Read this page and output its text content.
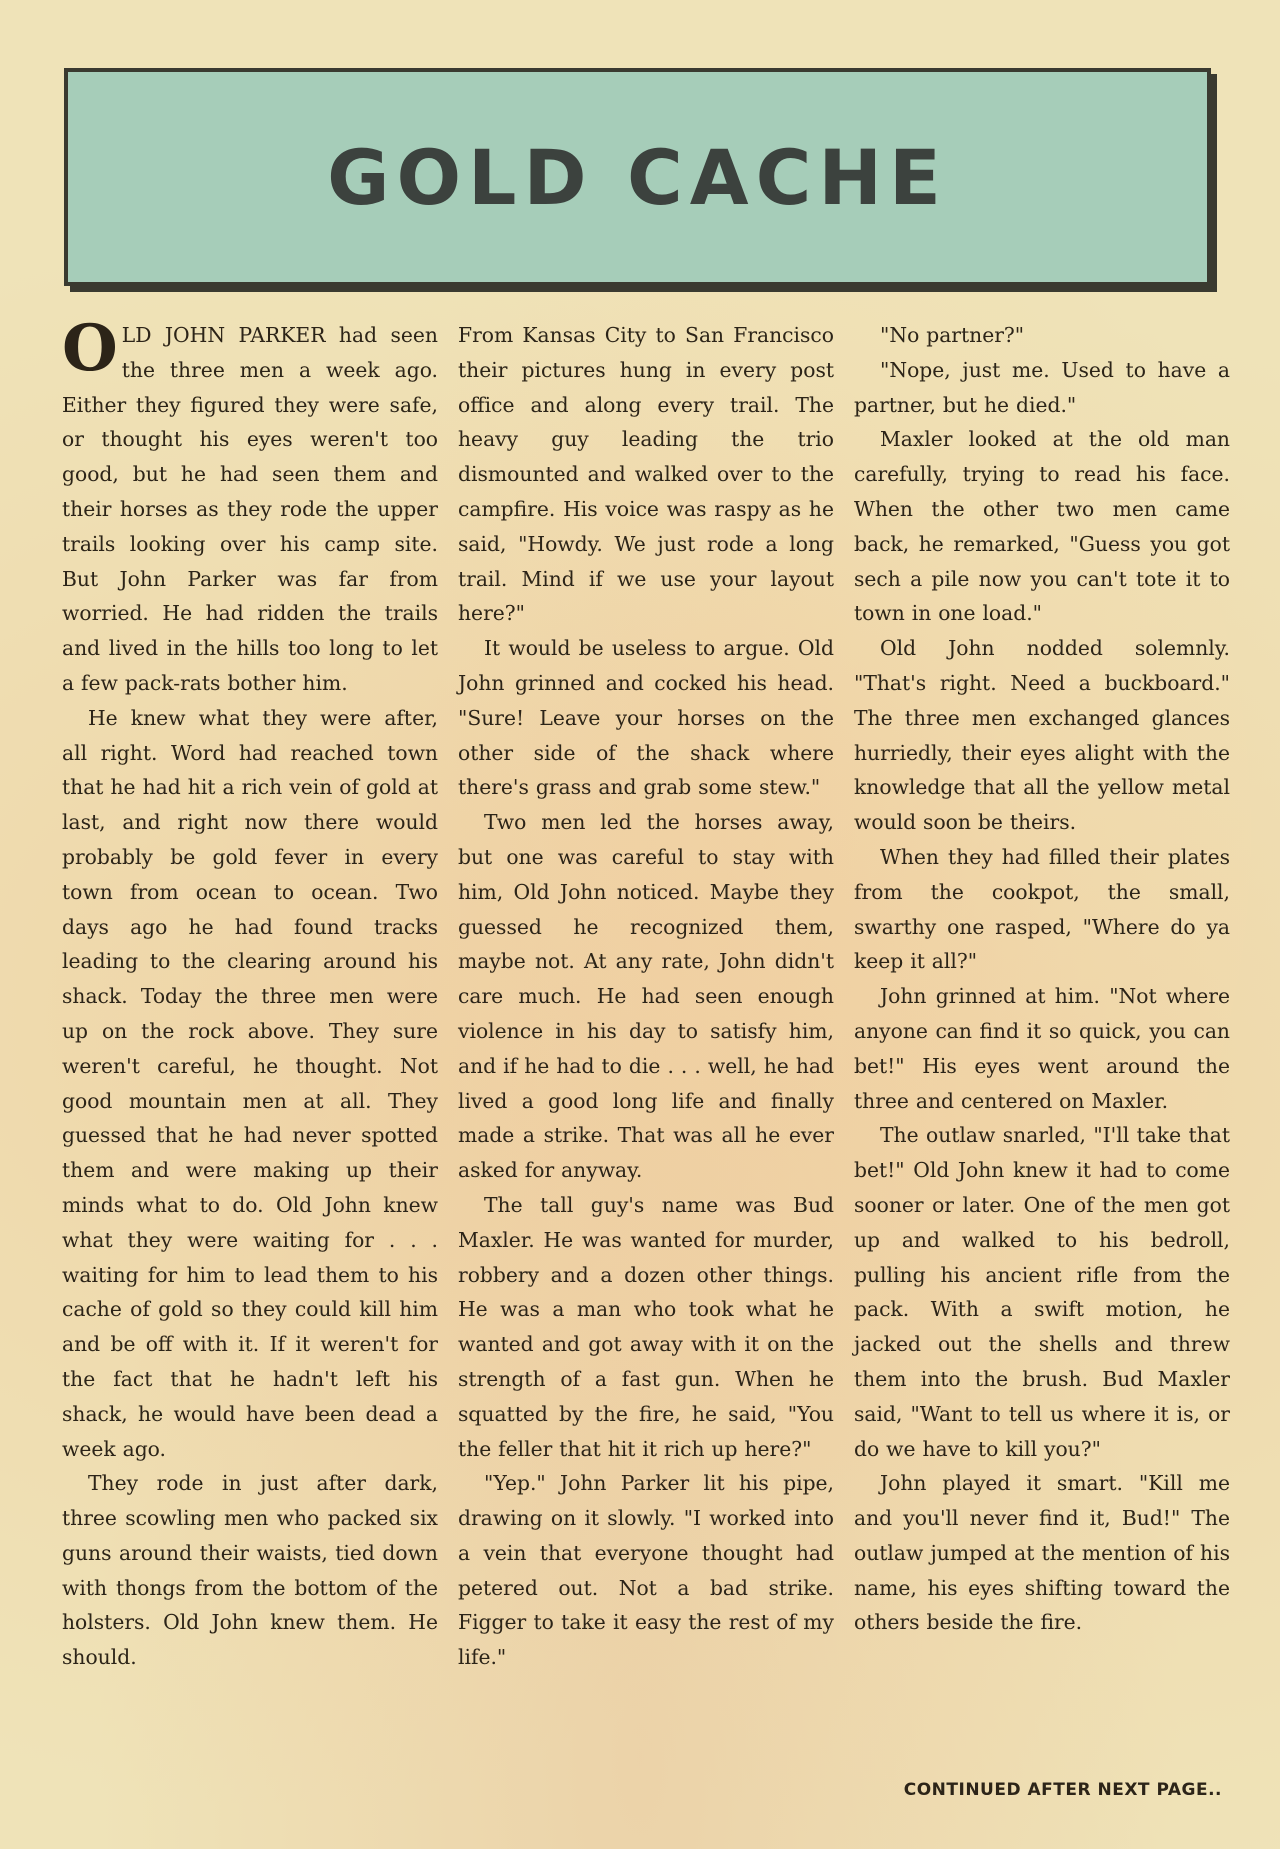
GOLD CACHE

OLD JOHN PARKER had seen the three men a week ago. Either they figured they were safe, or thought his eyes weren't too good, but he had seen them and their horses as they rode the upper trails looking over his camp site. But John Parker was far from worried. He had ridden the trails and lived in the hills too long to let a few pack-rats bother him.

He knew what they were after, all right. Word had reached town that he had hit a rich vein of gold at last, and right now there would probably be gold fever in every town from ocean to ocean. Two days ago he had found tracks leading to the clearing around his shack. Today the three men were up on the rock above. They sure weren't careful, he thought. Not good mountain men at all. They guessed that he had never spotted them and were making up their minds what to do. Old John knew what they were waiting for . . . waiting for him to lead them to his cache of gold so they could kill him and be off with it. If it weren't for the fact that he hadn't left his shack, he would have been dead a week ago.

They rode in just after dark, three scowling men who packed six guns around their waists, tied down with thongs from the bottom of the holsters. Old John knew them. He should.

From Kansas City to San Francisco their pictures hung in every post office and along every trail. The heavy guy leading the trio dismounted and walked over to the campfire. His voice was raspy as he said, "Howdy. We just rode a long trail. Mind if we use your layout here?"

It would be useless to argue. Old John grinned and cocked his head. "Sure! Leave your horses on the other side of the shack where there's grass and grab some stew."

Two men led the horses away, but one was careful to stay with him, Old John noticed. Maybe they guessed he recognized them, maybe not. At any rate, John didn't care much. He had seen enough violence in his day to satisfy him, and if he had to die . . . well, he had lived a good long life and finally made a strike. That was all he ever asked for anyway.

The tall guy's name was Bud Maxler. He was wanted for murder, robbery and a dozen other things. He was a man who took what he wanted and got away with it on the strength of a fast gun. When he squatted by the fire, he said, "You the feller that hit it rich up here?"

"Yep." John Parker lit his pipe, drawing on it slowly. "I worked into a vein that everyone thought had petered out. Not a bad strike. Figger to take it easy the rest of my life."

"No partner?"

"Nope, just me. Used to have a partner, but he died."

Maxler looked at the old man carefully, trying to read his face. When the other two men came back, he remarked, "Guess you got sech a pile now you can't tote it to town in one load."

Old John nodded solemnly. "That's right. Need a buckboard." The three men exchanged glances hurriedly, their eyes alight with the knowledge that all the yellow metal would soon be theirs.

When they had filled their plates from the cookpot, the small, swarthy one rasped, "Where do ya keep it all?"

John grinned at him. "Not where anyone can find it so quick, you can bet!" His eyes went around the three and centered on Maxler.

The outlaw snarled, "I'll take that bet!" Old John knew it had to come sooner or later. One of the men got up and walked to his bedroll, pulling his ancient rifle from the pack. With a swift motion, he jacked out the shells and threw them into the brush. Bud Maxler said, "Want to tell us where it is, or do we have to kill you?"

John played it smart. "Kill me and you'll never find it, Bud!" The outlaw jumped at the mention of his name, his eyes shifting toward the others beside the fire.

CONTINUED AFTER NEXT PAGE..
